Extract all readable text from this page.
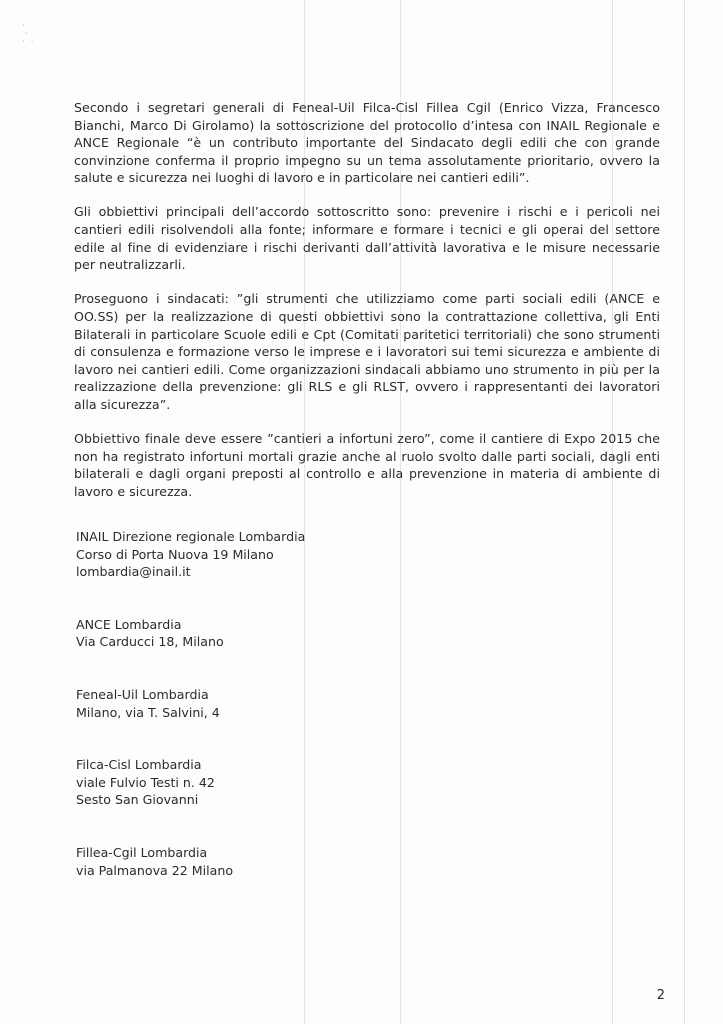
·
·
·  ·

Secondo i segretari generali di Feneal-Uil Filca-Cisl Fillea Cgil (Enrico Vizza, Francesco Bianchi, Marco Di Girolamo) la sottoscrizione del protocollo d’intesa con INAIL Regionale e ANCE Regionale “è un contributo importante del Sindacato degli edili che con grande convinzione conferma il proprio impegno su un tema assolutamente prioritario, ovvero la salute e sicurezza nei luoghi di lavoro e in particolare nei cantieri edili”.

Gli obbiettivi principali dell’accordo sottoscritto sono: prevenire i rischi e i pericoli nei cantieri edili risolvendoli alla fonte; informare e formare i tecnici e gli operai del settore edile al fine di evidenziare i rischi derivanti dall’attività lavorativa e le misure necessarie per neutralizzarli.

Proseguono i sindacati: ”gli strumenti che utilizziamo come parti sociali edili (ANCE e OO.SS) per la realizzazione di questi obbiettivi sono la contrattazione collettiva, gli Enti Bilaterali in particolare Scuole edili e Cpt (Comitati paritetici territoriali) che sono strumenti di consulenza e formazione verso le imprese e i lavoratori sui temi sicurezza e ambiente di lavoro nei cantieri edili. Come organizzazioni sindacali abbiamo uno strumento in più per la realizzazione della prevenzione: gli RLS e gli RLST, ovvero i rappresentanti dei lavoratori alla sicurezza”.

Obbiettivo finale deve essere ”cantieri a infortuni zero”, come il cantiere di Expo 2015 che non ha registrato infortuni mortali grazie anche al ruolo svolto dalle parti sociali, dagli enti bilaterali e dagli organi preposti al controllo e alla prevenzione in materia di ambiente di lavoro e sicurezza.

INAIL Direzione regionale Lombardia
Corso di Porta Nuova 19 Milano
lombardia@inail.it
ANCE Lombardia
Via Carducci 18, Milano
Feneal-Uil Lombardia
Milano, via T. Salvini, 4
Filca-Cisl Lombardia
viale Fulvio Testi n. 42
Sesto San Giovanni
Fillea-Cgil Lombardia
via Palmanova 22 Milano
2
